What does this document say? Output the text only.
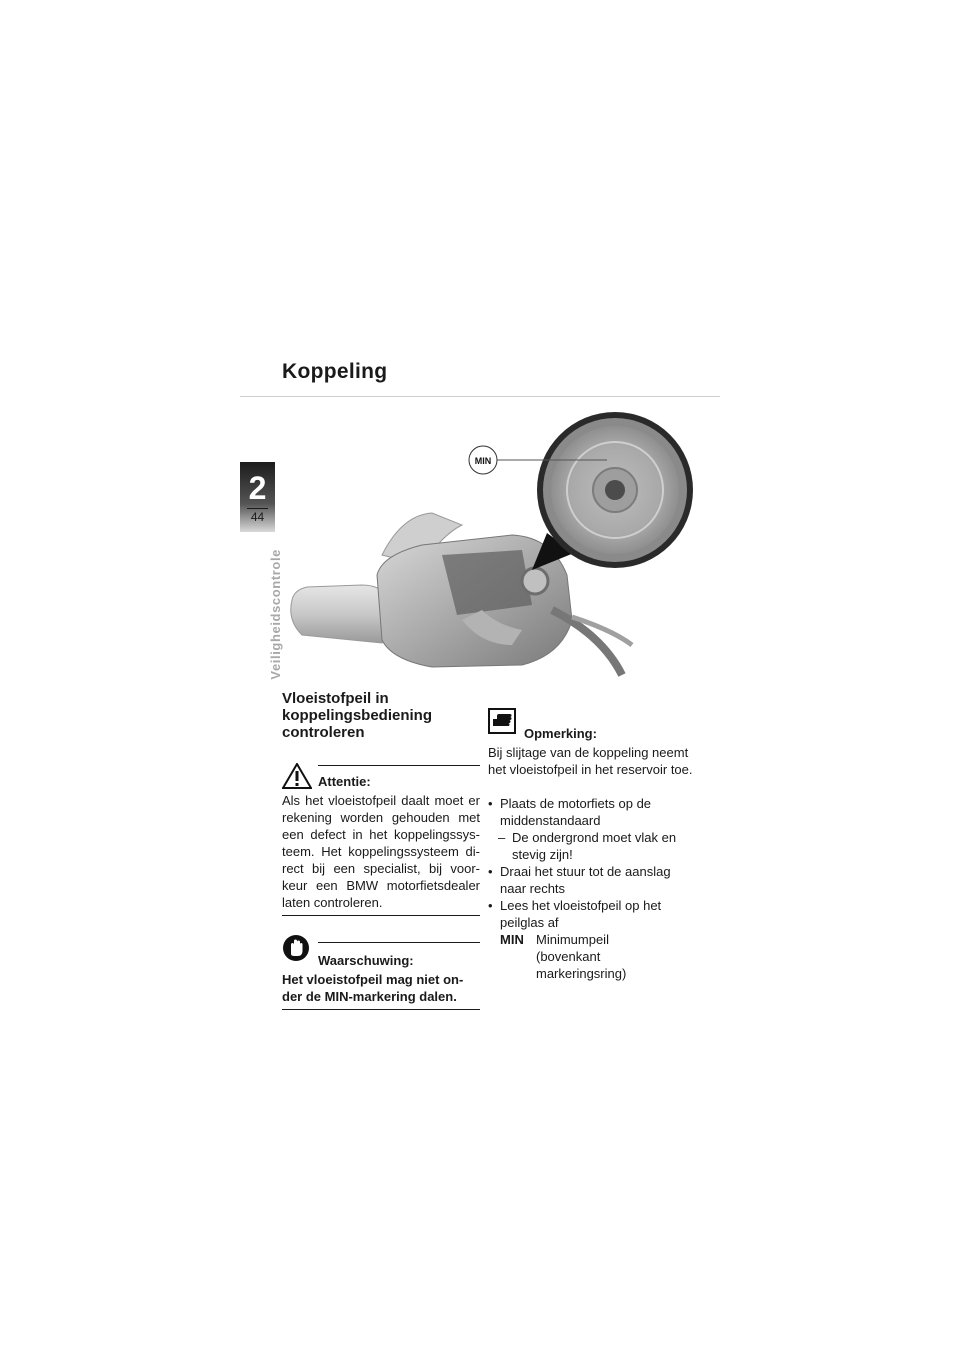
Koppeling
2
44
Veiligheidscontrole
MIN
Vloeistofpeil in koppelingsbediening controleren
Attentie:
Als het vloeistofpeil daalt moet er rekening worden gehouden met een defect in het koppelingssys- teem. Het koppelingssysteem di- rect bij een specialist, bij voor- keur een BMW motorfietsdealer laten controleren.
Waarschuwing:
Het vloeistofpeil mag niet on- der de MIN-markering dalen.
Opmerking:
Bij slijtage van de koppeling neemt het vloeistofpeil in het reservoir toe.
• Plaats de motorfiets op de middenstandaard
– De ondergrond moet vlak en stevig zijn!
• Draai het stuur tot de aanslag naar rechts
• Lees het vloeistofpeil op het peilglas af
MIN Minimumpeil (bovenkant markeringsring)
